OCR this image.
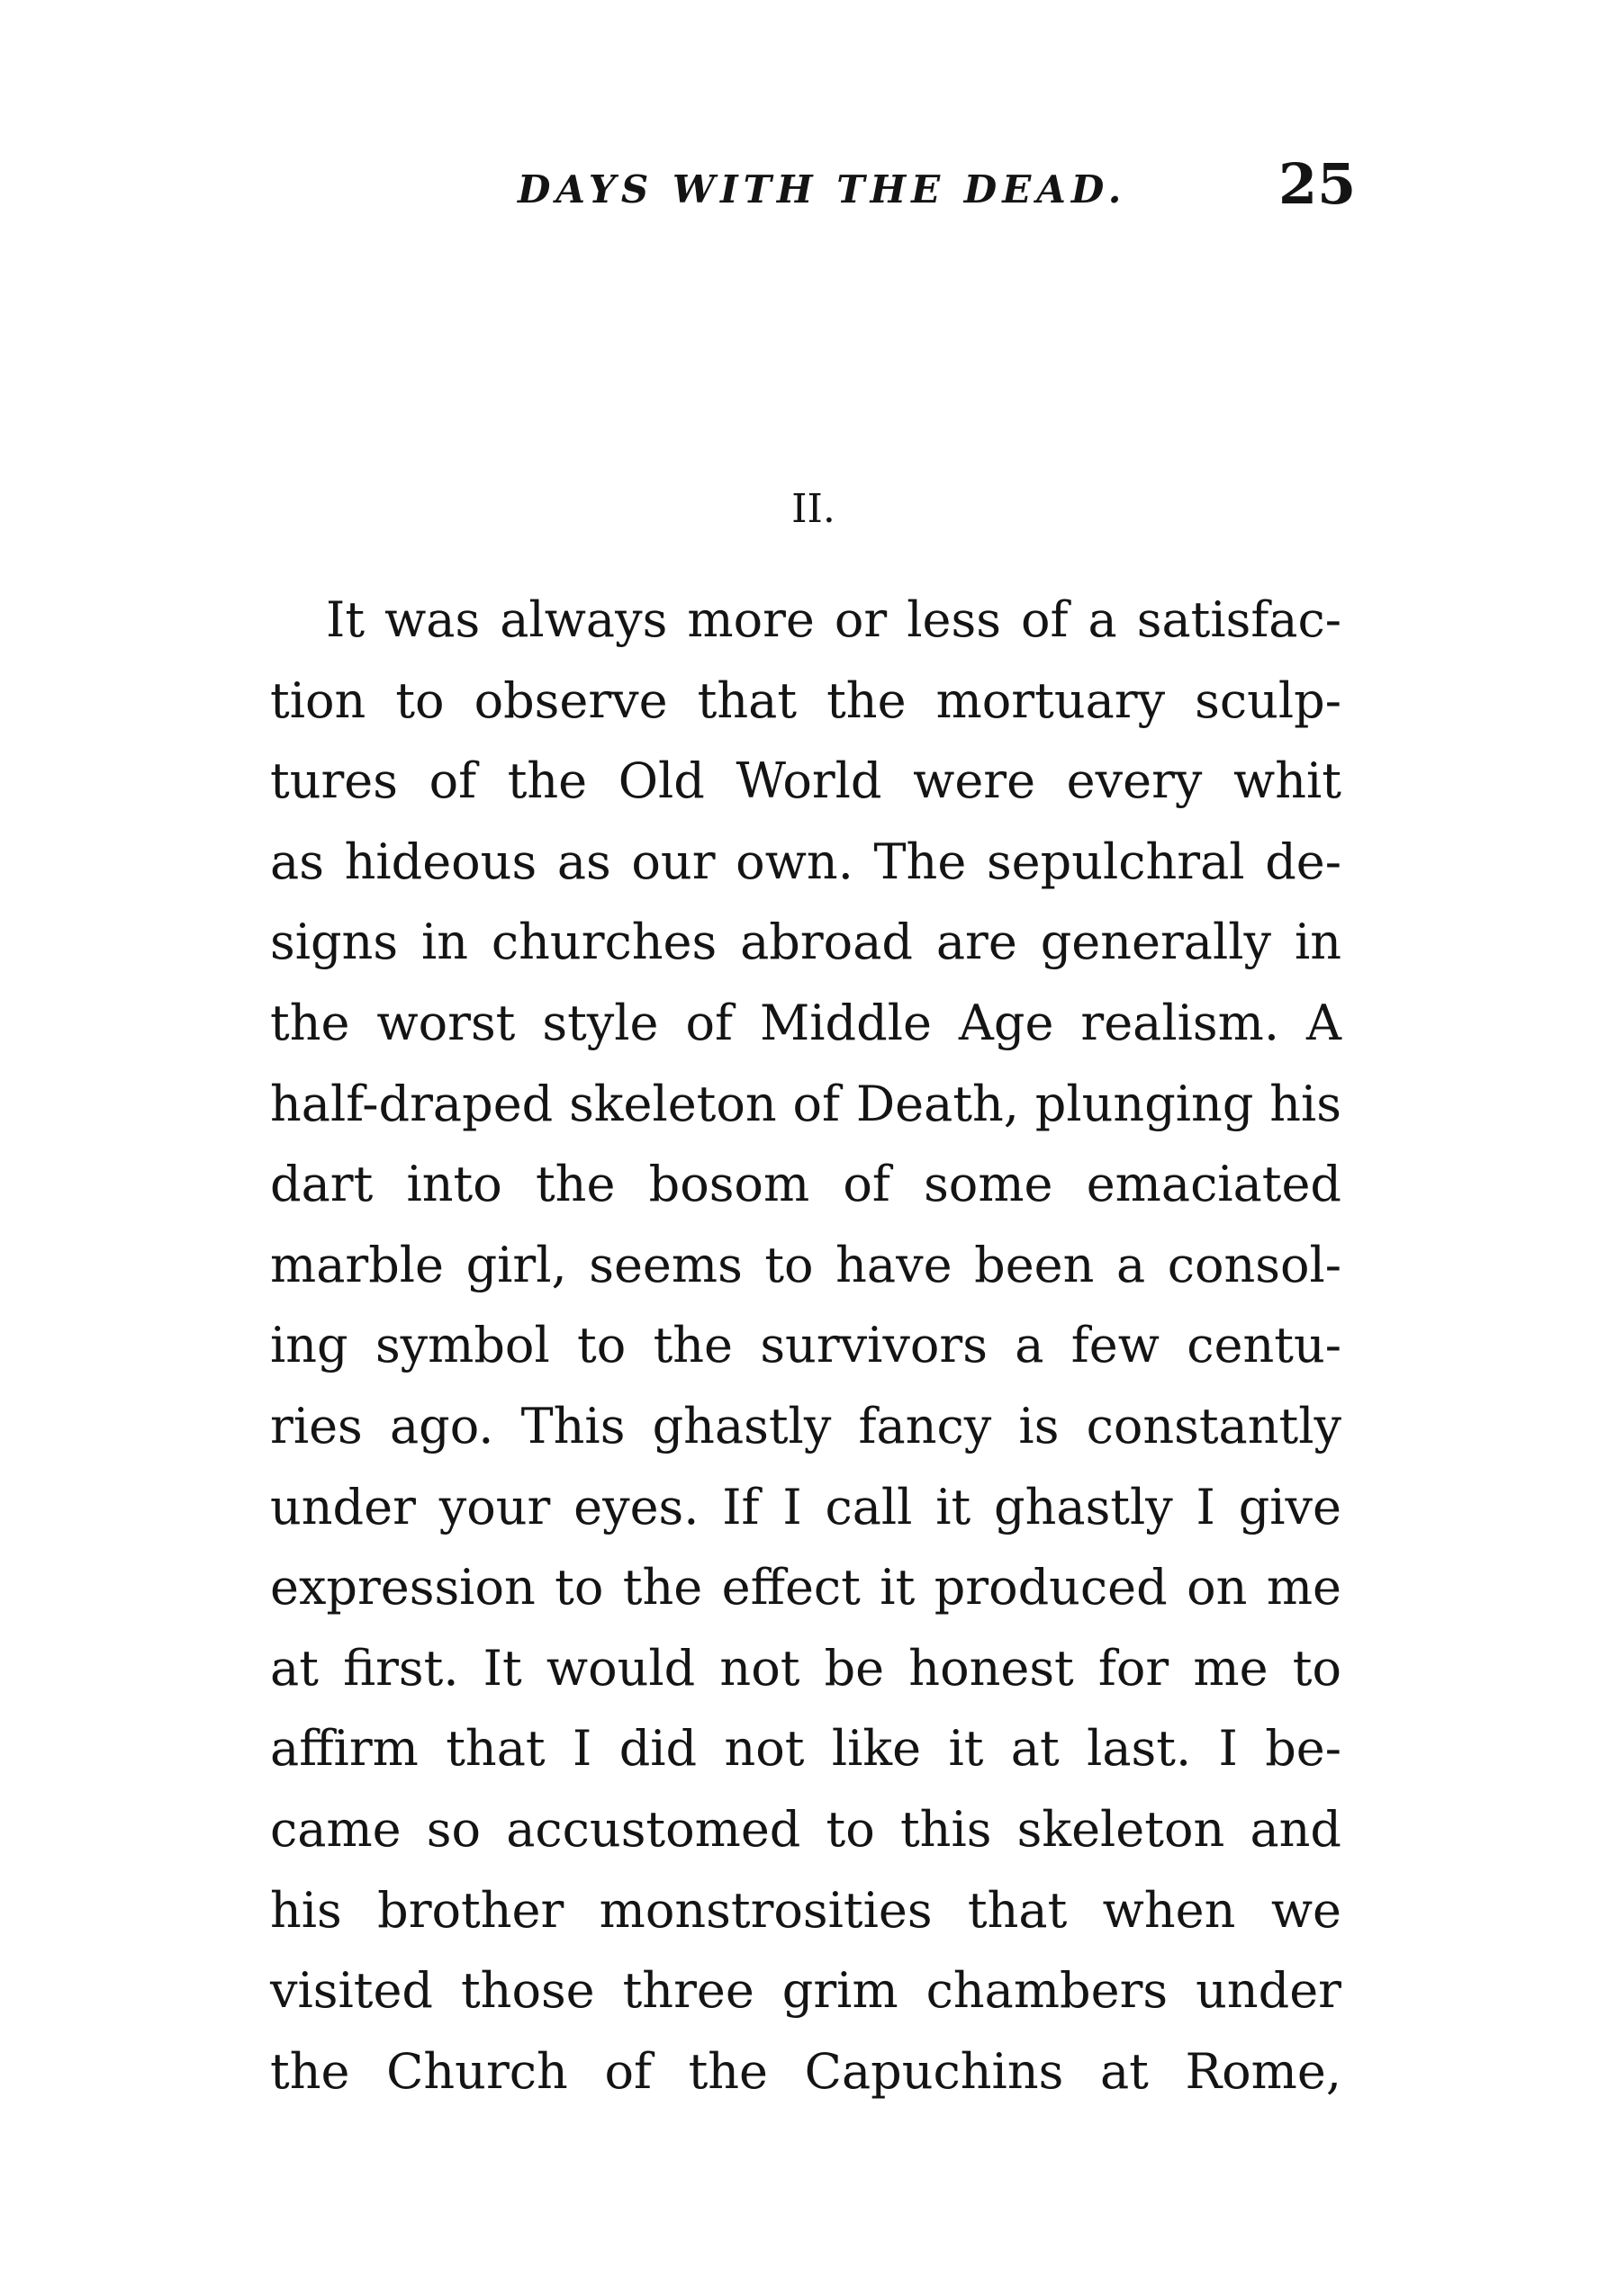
DAYS WITH THE DEAD.	25
II.
It was always more or less of a satisfac-
tion to observe that the mortuary sculp-
tures of the Old World were every whit
as hideous as our own. The sepulchral de-
signs in churches abroad are generally in
the worst style of Middle Age realism. A
half-draped skeleton of Death, plunging his
dart into the bosom of some emaciated
marble girl, seems to have been a consol-
ing symbol to the survivors a few centu-
ries ago. This ghastly fancy is constantly
under your eyes. If I call it ghastly I give
expression to the effect it produced on me
at first. It would not be honest for me to
affirm that I did not like it at last. I be-
came so accustomed to this skeleton and
his brother monstrosities that when we
visited those three grim chambers under
the Church of the Capuchins at Rome,
